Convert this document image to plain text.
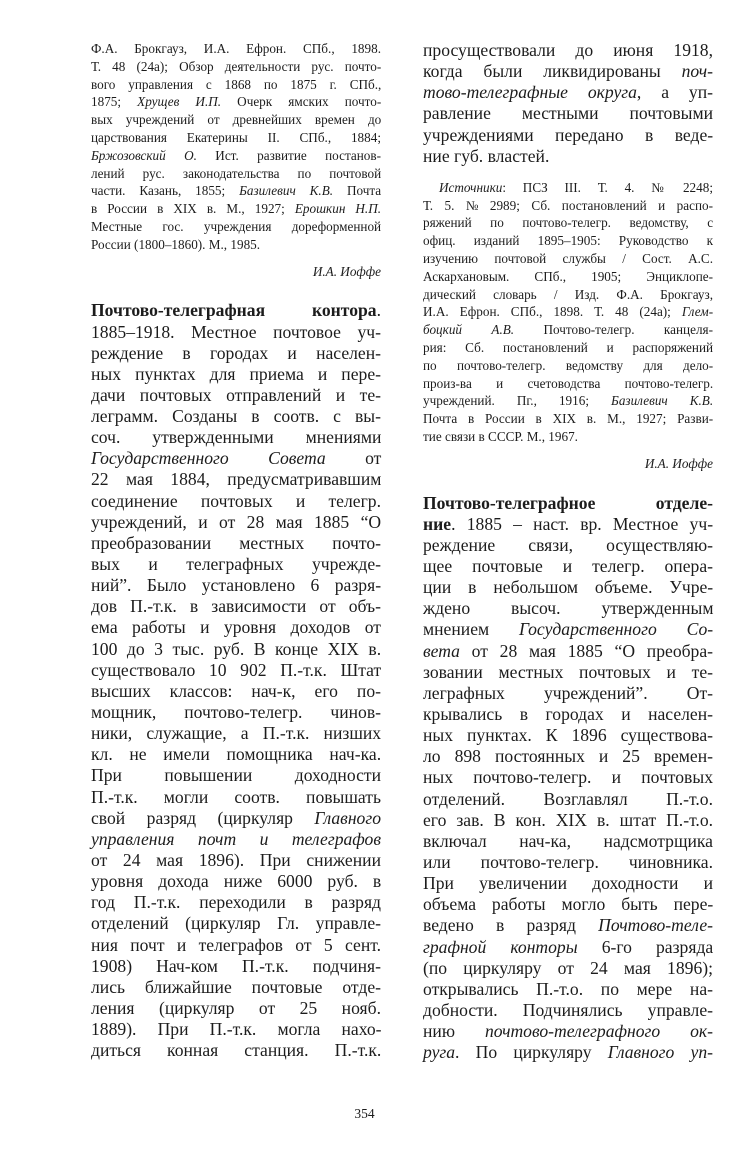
Ф.А. Брокгауз, И.А. Ефрон. СПб., 1898.
Т. 48 (24а); Обзор деятельности рус. почто-
вого управления с 1868 по 1875 г. СПб.,
1875; Хрущев И.П. Очерк ямских почто-
вых учреждений от древнейших времен до
царствования Екатерины II. СПб., 1884;
Бржозовский О. Ист. развитие постанов-
лений рус. законодательства по почтовой
части. Казань, 1855; Базилевич К.В. Почта
в России в XIX в. М., 1927; Ерошкин Н.П.
Местные гос. учреждения дореформенной
России (1800–1860). М., 1985.
И.А. Иоффе
Почтово-телеграфная контора.
1885–1918. Местное почтовое уч-
реждение в городах и населен-
ных пунктах для приема и пере-
дачи почтовых отправлений и те-
леграмм. Созданы в соотв. с вы-
соч. утвержденными мнениями
Государственного Совета от
22 мая 1884, предусматривавшим
соединение почтовых и телегр.
учреждений, и от 28 мая 1885 “О
преобразовании местных почто-
вых и телеграфных учрежде-
ний”. Было установлено 6 разря-
дов П.-т.к. в зависимости от объ-
ема работы и уровня доходов от
100 до 3 тыс. руб. В конце XIX в.
существовало 10 902 П.-т.к. Штат
высших классов: нач-к, его по-
мощник, почтово-телегр. чинов-
ники, служащие, а П.-т.к. низших
кл. не имели помощника нач-ка.
При повышении доходности
П.-т.к. могли соотв. повышать
свой разряд (циркуляр Главного
управления почт и телеграфов
от 24 мая 1896). При снижении
уровня дохода ниже 6000 руб. в
год П.-т.к. переходили в разряд
отделений (циркуляр Гл. управле-
ния почт и телеграфов от 5 сент.
1908) Нач-ком П.-т.к. подчиня-
лись ближайшие почтовые отде-
ления (циркуляр от 25 нояб.
1889). При П.-т.к. могла нахо-
диться конная станция. П.-т.к.
просуществовали до июня 1918,
когда были ликвидированы поч-
тово-телеграфные округа, а уп-
равление местными почтовыми
учреждениями передано в веде-
ние губ. властей.
Источники: ПСЗ III. Т. 4. № 2248;
Т. 5. № 2989; Сб. постановлений и распо-
ряжений по почтово-телегр. ведомству, с
офиц. изданий 1895–1905: Руководство к
изучению почтовой службы / Сост. А.С.
Аскархановым. СПб., 1905; Энциклопе-
дический словарь / Изд. Ф.А. Брокгауз,
И.А. Ефрон. СПб., 1898. Т. 48 (24а); Глем-
боцкий А.В. Почтово-телегр. канцеля-
рия: Сб. постановлений и распоряжений
по почтово-телегр. ведомству для дело-
произ-ва и счетоводства почтово-телегр.
учреждений. Пг., 1916; Базилевич К.В.
Почта в России в XIX в. М., 1927; Разви-
тие связи в СССР. М., 1967.
И.А. Иоффе
Почтово-телеграфное отделе-
ние. 1885 – наст. вр. Местное уч-
реждение связи, осуществляю-
щее почтовые и телегр. опера-
ции в небольшом объеме. Учре-
ждено высоч. утвержденным
мнением Государственного Со-
вета от 28 мая 1885 “О преобра-
зовании местных почтовых и те-
леграфных учреждений”. От-
крывались в городах и населен-
ных пунктах. К 1896 существова-
ло 898 постоянных и 25 времен-
ных почтово-телегр. и почтовых
отделений. Возглавлял П.-т.о.
его зав. В кон. XIX в. штат П.-т.о.
включал нач-ка, надсмотрщика
или почтово-телегр. чиновника.
При увеличении доходности и
объема работы могло быть пере-
ведено в разряд Почтово-теле-
графной конторы 6-го разряда
(по циркуляру от 24 мая 1896);
открывались П.-т.о. по мере на-
добности. Подчинялись управле-
нию почтово-телеграфного ок-
руга. По циркуляру Главного уп-
354
